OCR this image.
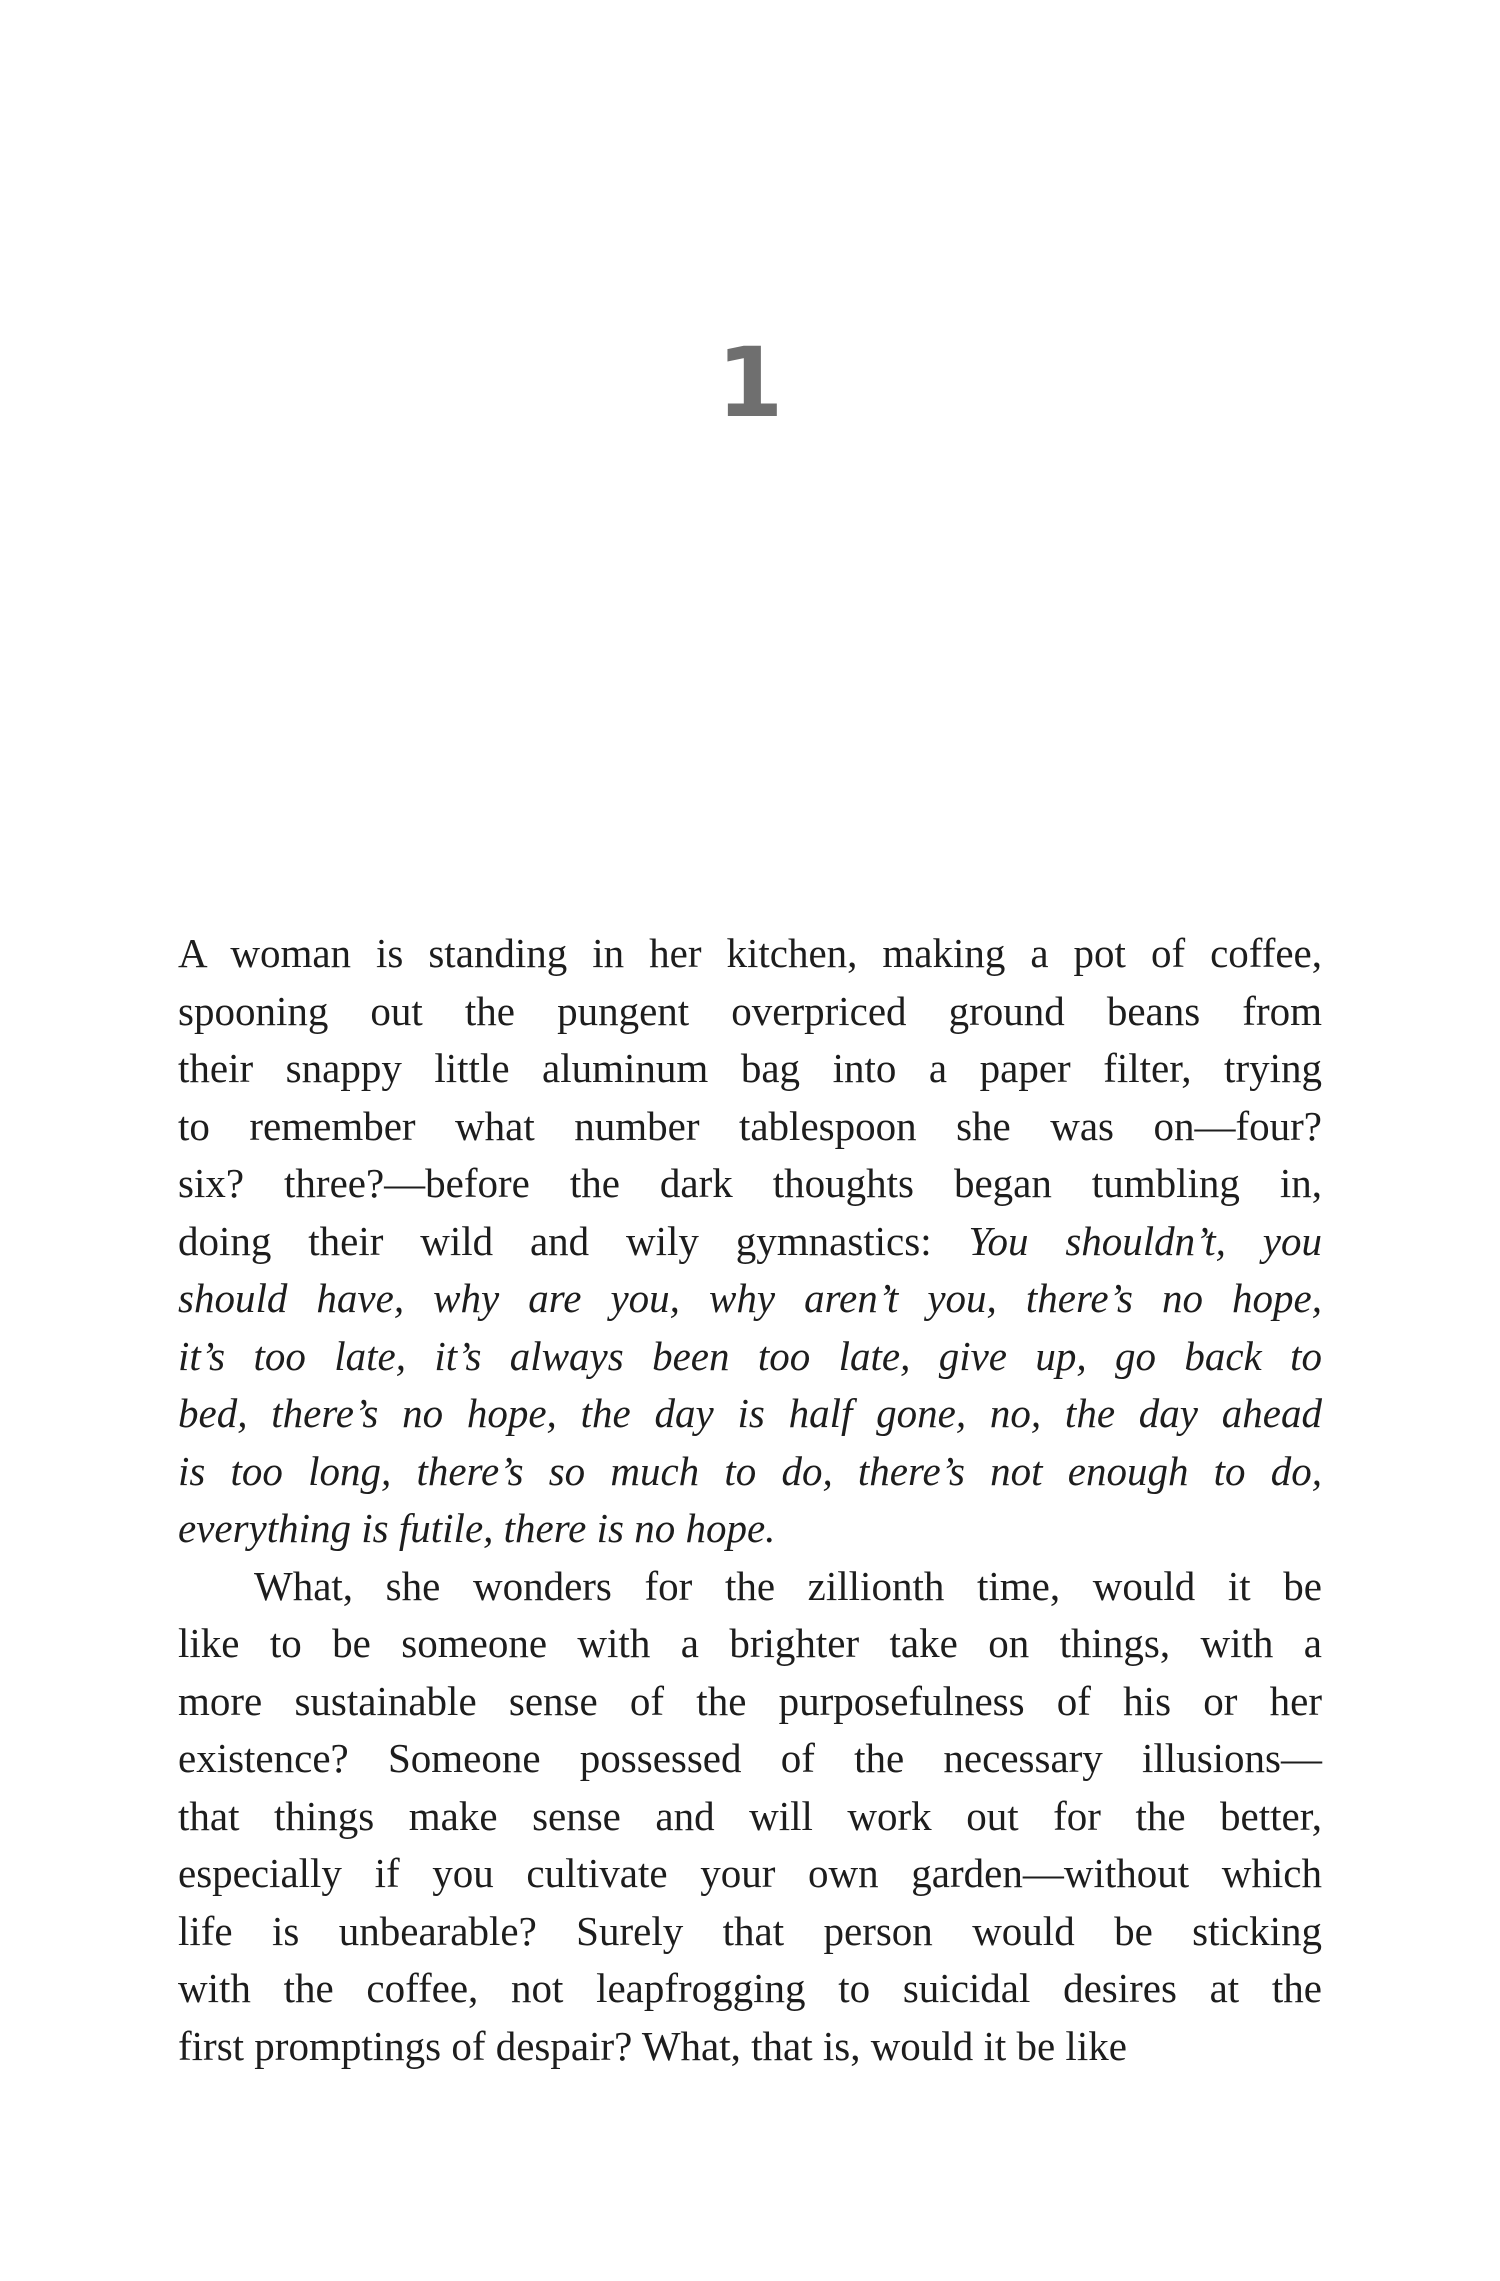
1
A woman is standing in her kitchen, making a pot of coffee,
spooning out the pungent overpriced ground beans from
their snappy little aluminum bag into a paper filter, trying
to remember what number tablespoon she was on—four?
six? three?—before the dark thoughts began tumbling in,
doing their wild and wily gymnastics: You shouldn’t, you
should have, why are you, why aren’t you, there’s no hope,
it’s too late, it’s always been too late, give up, go back to
bed, there’s no hope, the day is half gone, no, the day ahead
is too long, there’s so much to do, there’s not enough to do,
everything is futile, there is no hope.
What, she wonders for the zillionth time, would it be
like to be someone with a brighter take on things, with a
more sustainable sense of the purposefulness of his or her
existence? Someone possessed of the necessary illusions—
that things make sense and will work out for the better,
especially if you cultivate your own garden—without which
life is unbearable? Surely that person would be sticking
with the coffee, not leapfrogging to suicidal desires at the
first promptings of despair? What, that is, would it be like
